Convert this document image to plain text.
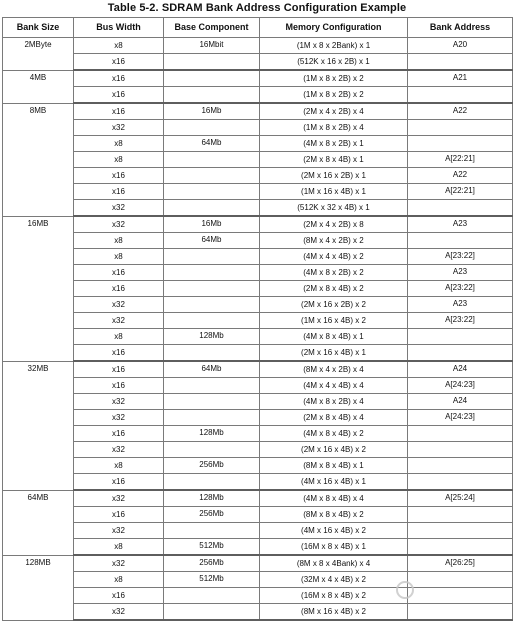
Table 5-2. SDRAM Bank Address Configuration Example
Bank Size	Bus Width	Base Component	Memory Configuration	Bank Address
2MByte	x8	16Mbit	(1M x 8 x 2Bank) x 1	A20
	x16		(512K x 16 x 2B) x 1	
4MB	x16		(1M x 8 x 2B) x 2	A21
	x16		(1M x 8 x 2B) x 2	
8MB	x16	16Mb	(2M x 4 x 2B) x 4	A22
	x32		(1M x 8 x 2B) x 4	
	x8	64Mb	(4M x 8 x 2B) x 1	
	x8		(2M x 8 x 4B) x 1	A[22:21]
	x16		(2M x 16 x 2B) x 1	A22
	x16		(1M x 16 x 4B) x 1	A[22:21]
	x32		(512K x 32 x 4B) x 1	
16MB	x32	16Mb	(2M x 4 x 2B) x 8	A23
	x8	64Mb	(8M x 4 x 2B) x 2	
	x8		(4M x 4 x 4B) x 2	A[23:22]
	x16		(4M x 8 x 2B) x 2	A23
	x16		(2M x 8 x 4B) x 2	A[23:22]
	x32		(2M x 16 x 2B) x 2	A23
	x32		(1M x 16 x 4B) x 2	A[23:22]
	x8	128Mb	(4M x 8 x 4B) x 1	
	x16		(2M x 16 x 4B) x 1	
32MB	x16	64Mb	(8M x 4 x 2B) x 4	A24
	x16		(4M x 4 x 4B) x 4	A[24:23]
	x32		(4M x 8 x 2B) x 4	A24
	x32		(2M x 8 x 4B) x 4	A[24:23]
	x16	128Mb	(4M x 8 x 4B) x 2	
	x32		(2M x 16 x 4B) x 2	
	x8	256Mb	(8M x 8 x 4B) x 1	
	x16		(4M x 16 x 4B) x 1	
64MB	x32	128Mb	(4M x 8 x 4B) x 4	A[25:24]
	x16	256Mb	(8M x 8 x 4B) x 2	
	x32		(4M x 16 x 4B) x 2	
	x8	512Mb	(16M x 8 x 4B) x 1	
128MB	x32	256Mb	(8M x 8 x 4Bank) x 4	A[26:25]
	x8	512Mb	(32M x 4 x 4B) x 2	
	x16		(16M x 8 x 4B) x 2	
	x32		(8M x 16 x 4B) x 2	
